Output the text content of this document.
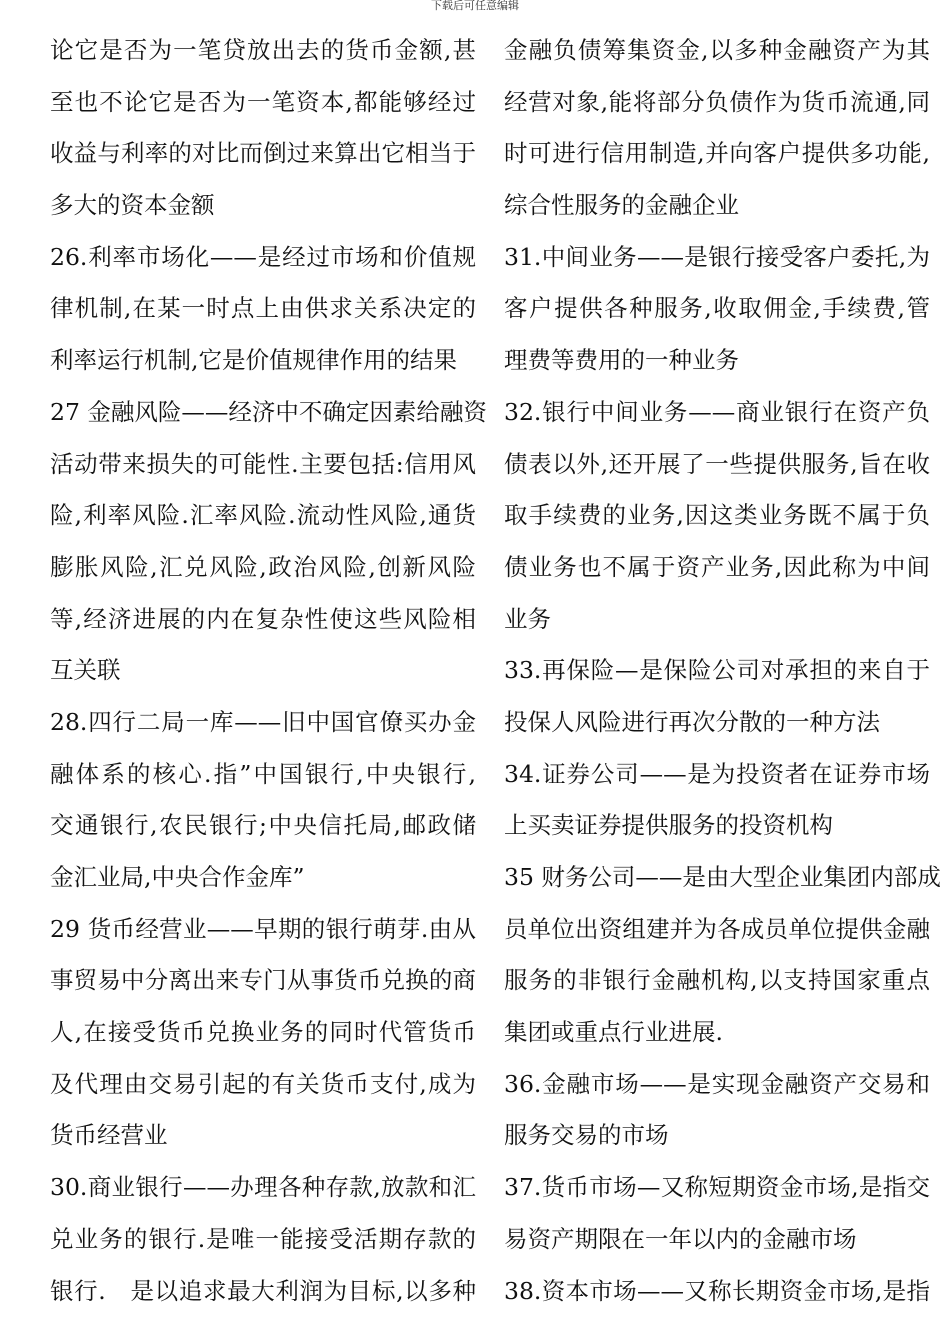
下载后可任意编辑
论它是否为一笔贷放出去的货币金额,甚
至也不论它是否为一笔资本,都能够经过
收益与利率的对比而倒过来算出它相当于
多大的资本金额
26.利率市场化——是经过市场和价值规
律机制,在某一时点上由供求关系决定的
利率运行机制,它是价值规律作用的结果
27 金融风险——经济中不确定因素给融资
活动带来损失的可能性.主要包括:信用风
险,利率风险.汇率风险.流动性风险,通货
膨胀风险,汇兑风险,政治风险,创新风险
等,经济进展的内在复杂性使这些风险相
互关联
28.四行二局一库——旧中国官僚买办金
融体系的核心.指”中国银行,中央银行,
交通银行,农民银行;中央信托局,邮政储
金汇业局,中央合作金库”
29 货币经营业——早期的银行萌芽.由从
事贸易中分离出来专门从事货币兑换的商
人,在接受货币兑换业务的同时代管货币
及代理由交易引起的有关货币支付,成为
货币经营业
30.商业银行——办理各种存款,放款和汇
兑业务的银行.是唯一能接受活期存款的
银行.　是以追求最大利润为目标,以多种
金融负债筹集资金,以多种金融资产为其
经营对象,能将部分负债作为货币流通,同
时可进行信用制造,并向客户提供多功能,
综合性服务的金融企业
31.中间业务——是银行接受客户委托,为
客户提供各种服务,收取佣金,手续费,管
理费等费用的一种业务
32.银行中间业务——商业银行在资产负
债表以外,还开展了一些提供服务,旨在收
取手续费的业务,因这类业务既不属于负
债业务也不属于资产业务,因此称为中间
业务
33.再保险—是保险公司对承担的来自于
投保人风险进行再次分散的一种方法
34.证券公司——是为投资者在证券市场
上买卖证券提供服务的投资机构
35 财务公司——是由大型企业集团内部成
员单位出资组建并为各成员单位提供金融
服务的非银行金融机构,以支持国家重点
集团或重点行业进展.
36.金融市场——是实现金融资产交易和
服务交易的市场
37.货币市场—又称短期资金市场,是指交
易资产期限在一年以内的金融市场
38.资本市场——又称长期资金市场,是指
